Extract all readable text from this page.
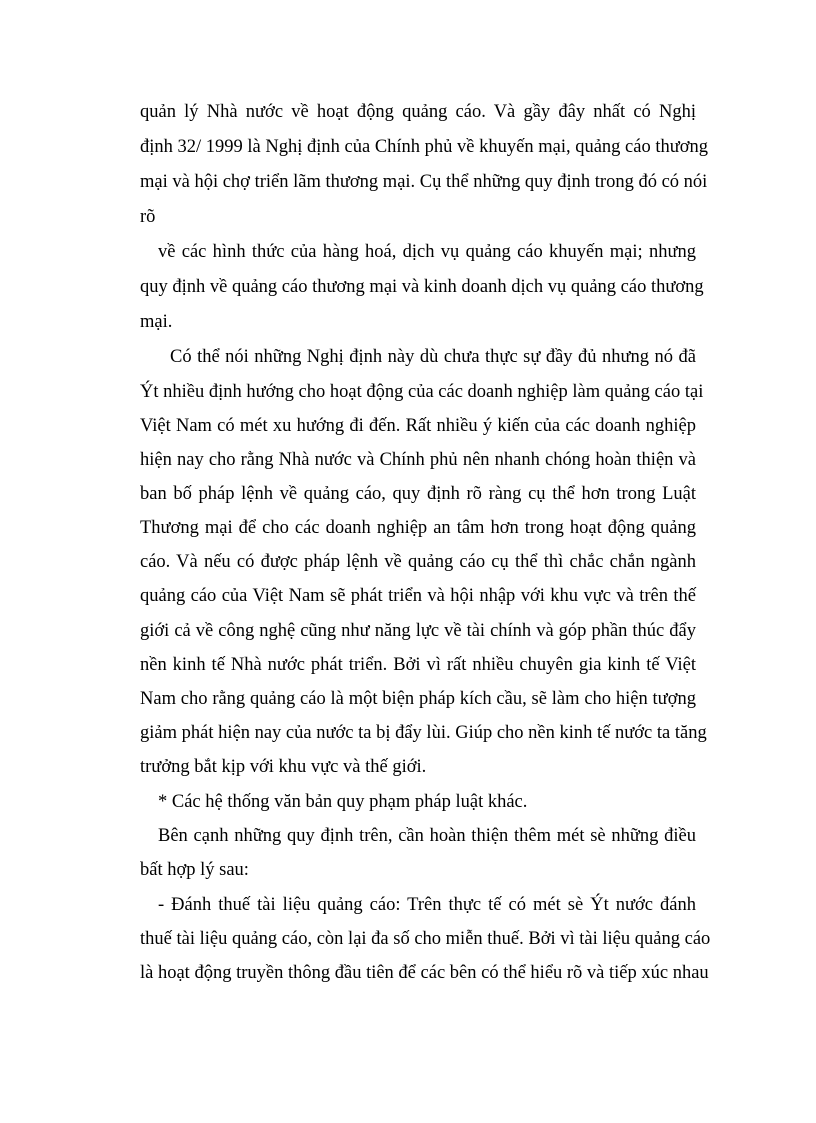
quản lý Nhà nước về hoạt động quảng cáo. Và gầy đây nhất có Nghị
định 32/ 1999 là Nghị định của Chính phủ về khuyến mại, quảng cáo thương
mại và hội chợ triển lãm thương mại. Cụ thể những quy định trong đó có nói
rõ
về các hình thức của hàng hoá, dịch vụ quảng cáo khuyến mại; nhưng
quy định về quảng cáo thương mại và kinh doanh dịch vụ quảng cáo thương
mại.
Có thể nói những Nghị định này dù chưa thực sự đầy đủ nhưng nó đã
Ýt nhiều định hướng cho hoạt động của các doanh nghiệp làm quảng cáo tại
Việt Nam có mét xu hướng đi đến. Rất nhiều ý kiến của các doanh nghiệp
hiện nay cho rằng Nhà nước và Chính phủ nên nhanh chóng hoàn thiện và
ban bố pháp lệnh về quảng cáo, quy định rõ ràng cụ thể hơn trong Luật
Thương mại để cho các doanh nghiệp an tâm hơn trong hoạt động quảng
cáo. Và nếu có được pháp lệnh về quảng cáo cụ thể thì chắc chắn ngành
quảng cáo của Việt Nam sẽ phát triển và hội nhập với khu vực và trên thế
giới cả về công nghệ cũng như năng lực về tài chính và góp phần thúc đẩy
nền kinh tế Nhà nước phát triển. Bởi vì rất nhiều chuyên gia kinh tế Việt
Nam cho rằng quảng cáo là một biện pháp kích cầu, sẽ làm cho hiện tượng
giảm phát hiện nay của nước ta bị đẩy lùi. Giúp cho nền kinh tế nước ta tăng
trưởng bắt kịp với khu vực và thế giới.
* Các hệ thống văn bản quy phạm pháp luật khác.
Bên cạnh những quy định trên, cần hoàn thiện thêm mét sè những điều
bất hợp lý sau:
- Đánh thuế tài liệu quảng cáo: Trên thực tế có mét sè Ýt nước đánh
thuế tài liệu quảng cáo, còn lại đa số cho miễn thuế. Bởi vì tài liệu quảng cáo
là hoạt động truyền thông đầu tiên để các bên có thể hiểu rõ và tiếp xúc nhau
